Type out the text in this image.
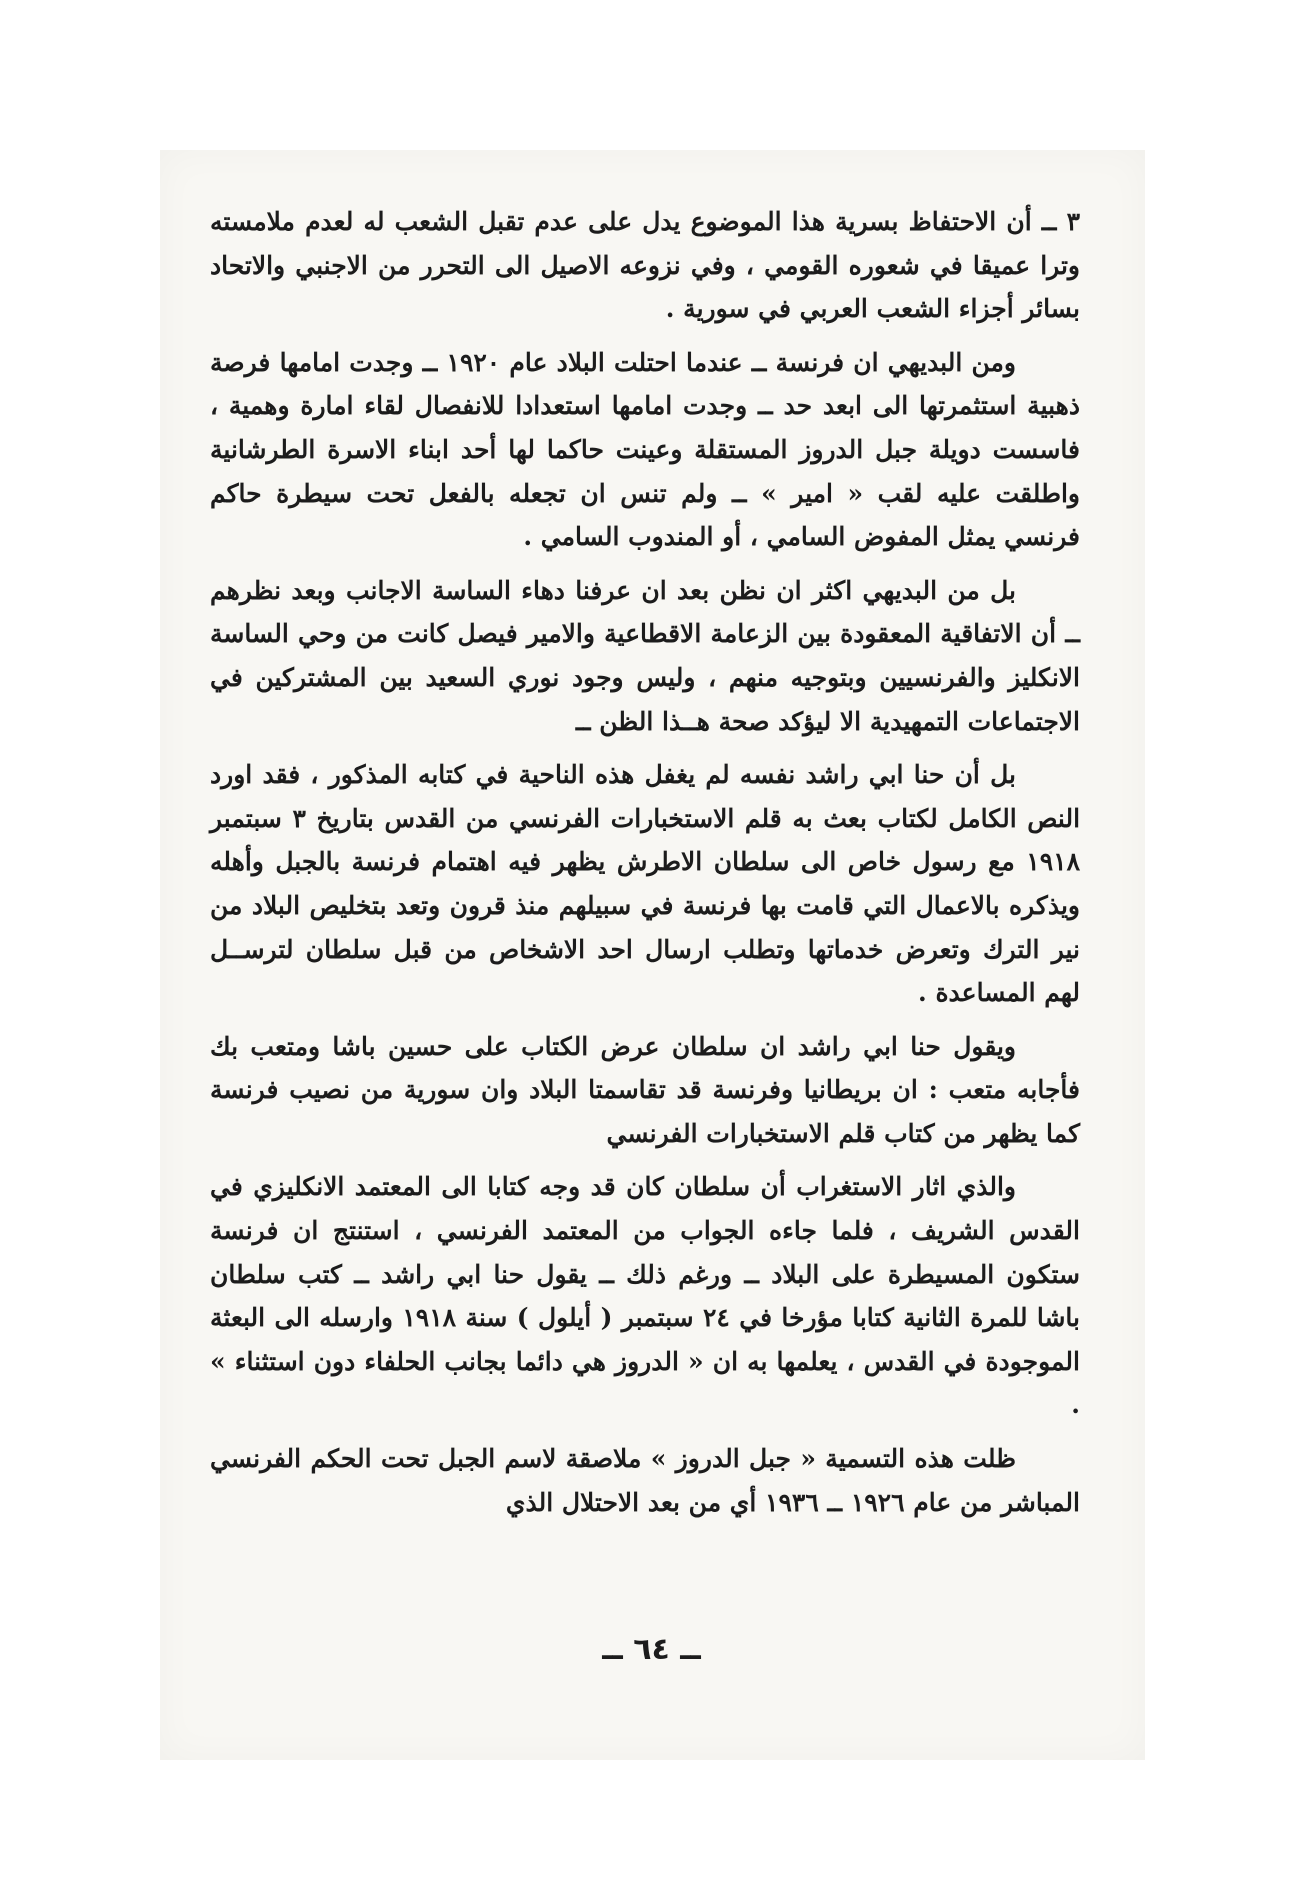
٣ ــ أن الاحتفاظ بسرية هذا الموضوع يدل على عدم تقبل الشعب له لعدم ملامسته وترا عميقا في شعوره القومي ، وفي نزوعه الاصيل الى التحرر من الاجنبي والاتحاد بسائر أجزاء الشعب العربي في سورية .

ومن البديهي ان فرنسة ــ عندما احتلت البلاد عام ١٩٢٠ ــ وجدت امامها فرصة ذهبية استثمرتها الى ابعد حد ــ وجدت امامها استعدادا للانفصال لقاء امارة وهمية ، فاسست دويلة جبل الدروز المستقلة وعينت حاكما لها أحد ابناء الاسرة الطرشانية واطلقت عليه لقب « امير » ــ ولم تنس ان تجعله بالفعل تحت سيطرة حاكم فرنسي يمثل المفوض السامي ، أو المندوب السامي .

بل من البديهي اكثر ان نظن بعد ان عرفنا دهاء الساسة الاجانب وبعد نظرهم ــ أن الاتفاقية المعقودة بين الزعامة الاقطاعية والامير فيصل كانت من وحي الساسة الانكليز والفرنسيين وبتوجيه منهم ، وليس وجود نوري السعيد بين المشتركين في الاجتماعات التمهيدية الا ليؤكد صحة هــذا الظن ــ

بل أن حنا ابي راشد نفسه لم يغفل هذه الناحية في كتابه المذكور ، فقد اورد النص الكامل لكتاب بعث به قلم الاستخبارات الفرنسي من القدس بتاريخ ٣ سبتمبر ١٩١٨ مع رسول خاص الى سلطان الاطرش يظهر فيه اهتمام فرنسة بالجبل وأهله ويذكره بالاعمال التي قامت بها فرنسة في سبيلهم منذ قرون وتعد بتخليص البلاد من نير الترك وتعرض خدماتها وتطلب ارسال احد الاشخاص من قبل سلطان لترســل لهم المساعدة .

ويقول حنا ابي راشد ان سلطان عرض الكتاب على حسين باشا ومتعب بك فأجابه متعب : ان بريطانيا وفرنسة قد تقاسمتا البلاد وان سورية من نصيب فرنسة كما يظهر من كتاب قلم الاستخبارات الفرنسي

والذي اثار الاستغراب أن سلطان كان قد وجه كتابا الى المعتمد الانكليزي في القدس الشريف ، فلما جاءه الجواب من المعتمد الفرنسي ، استنتج ان فرنسة ستكون المسيطرة على البلاد ــ ورغم ذلك ــ يقول حنا ابي راشد ــ كتب سلطان باشا للمرة الثانية كتابا مؤرخا في ٢٤ سبتمبر ( أيلول ) سنة ١٩١٨ وارسله الى البعثة الموجودة في القدس ، يعلمها به ان « الدروز هي دائما بجانب الحلفاء دون استثناء » .

ظلت هذه التسمية « جبل الدروز » ملاصقة لاسم الجبل تحت الحكم الفرنسي المباشر من عام ١٩٢٦ ــ ١٩٣٦ أي من بعد الاحتلال الذي

ــ ٦٤ ــ
